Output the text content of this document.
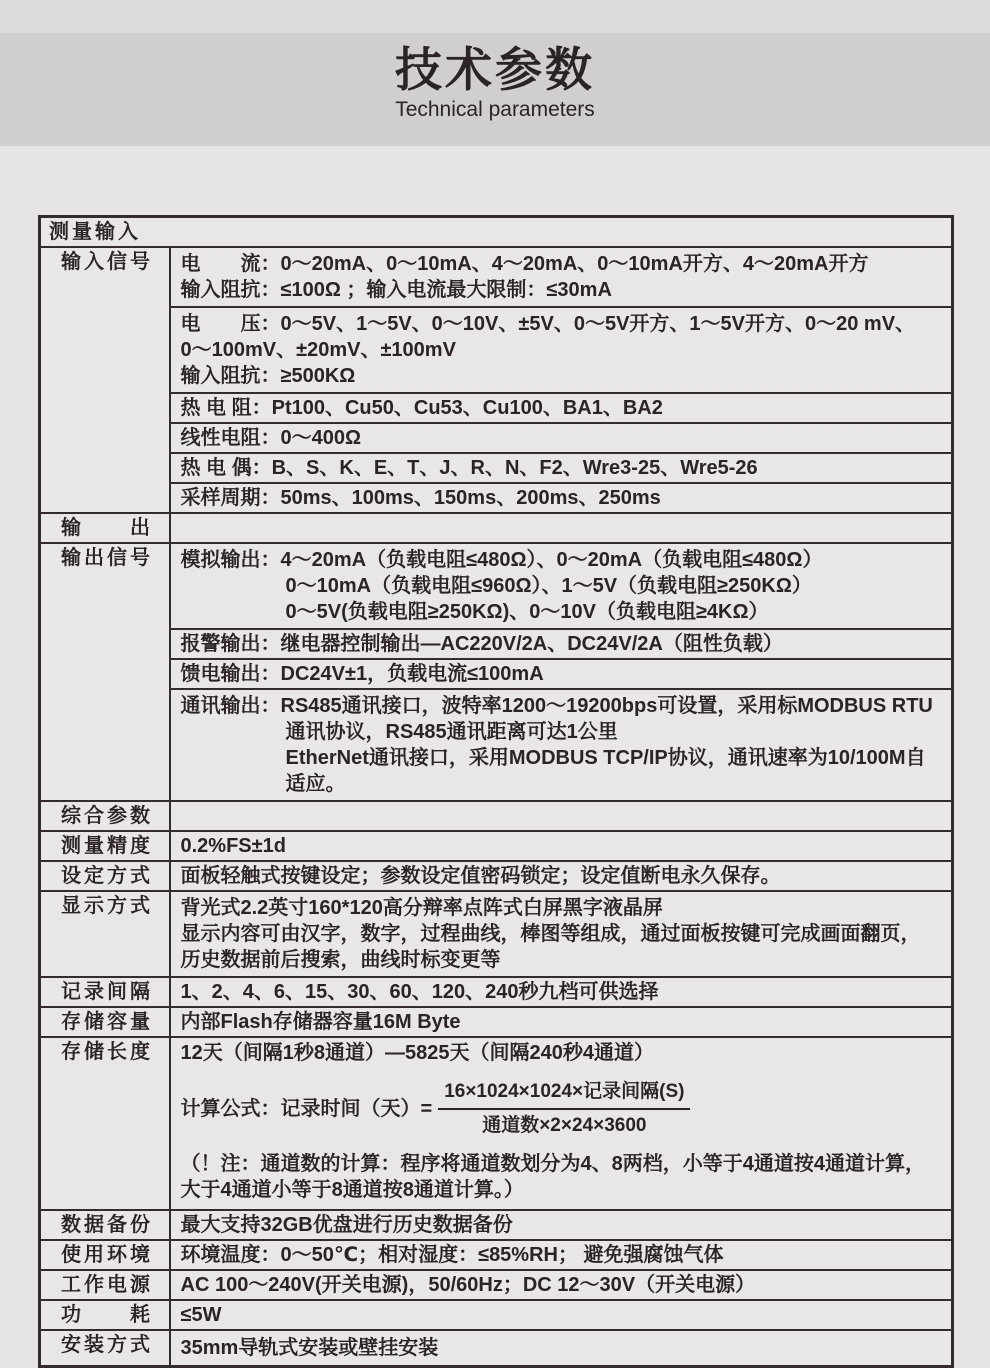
技术参数
Technical parameters
测量输入	
输入信号	电　　流：0～20mA、0～10mA、4～20mA、0～10mA开方、4～20mA开方
输入阻抗：≤100Ω ；输入电流最大限制：≤30mA

	电　　压：0～5V、1～5V、0～10V、±5V、0～5V开方、1～5V开方、0～20 mV、
0～100mV、±20mV、±100mV
输入阻抗：≥500KΩ

	热 电 阻：Pt100、Cu50、Cu53、Cu100、BA1、BA2
	线性电阻：0～400Ω
	热 电 偶：B、S、K、E、T、J、R、N、F2、Wre3-25、Wre5-26
	采样周期：50ms、100ms、150ms、200ms、250ms
输　　出	
输出信号	模拟输出：4～20mA（负载电阻≤480Ω）、0～20mA（负载电阻≤480Ω）
0～10mA（负载电阻≤960Ω）、1～5V（负载电阻≥250KΩ）
0～5V(负载电阻≥250KΩ)、0～10V（负载电阻≥4KΩ）

	报警输出：继电器控制输出—AC220V/2A、DC24V/2A（阻性负载）
	馈电输出：DC24V±1，负载电流≤100mA

	通讯输出：RS485通讯接口，波特率1200～19200bps可设置，采用标MODBUS RTU
通讯协议，RS485通讯距离可达1公里
EtherNet通讯接口，采用MODBUS TCP/IP协议，通讯速率为10/100M自适应。

综合参数	
测量精度	0.2%FS±1d
设定方式	面板轻触式按键设定；参数设定值密码锁定；设定值断电永久保存。
显示方式	背光式2.2英寸160*120高分辩率点阵式白屏黑字液晶屏
显示内容可由汉字，数字，过程曲线，棒图等组成，通过面板按键可完成画面翻页，
历史数据前后搜索，曲线时标变更等

记录间隔	1、2、4、6、15、30、60、120、240秒九档可供选择
存储容量	内部Flash存储器容量16M Byte
存储长度	12天（间隔1秒8通道）—5825天（间隔240秒4通道）
计算公式：记录时间（天）= $\frac{\text{16×1024×1024×记录间隔(S)}}{\text{通道数×2×24×3600}}$
（！注：通道数的计算：程序将通道数划分为4、8两档，小等于4通道按4通道计算，
大于4通道小等于8通道按8通道计算。）

数据备份	最大支持32GB优盘进行历史数据备份
使用环境	环境温度：0～50℃；相对湿度：≤85%RH； 避免强腐蚀气体
工作电源	AC 100～240V(开关电源)，50/60Hz；DC 12～30V（开关电源）
功　　耗	≤5W
安装方式	35mm导轨式安装或壁挂安装
